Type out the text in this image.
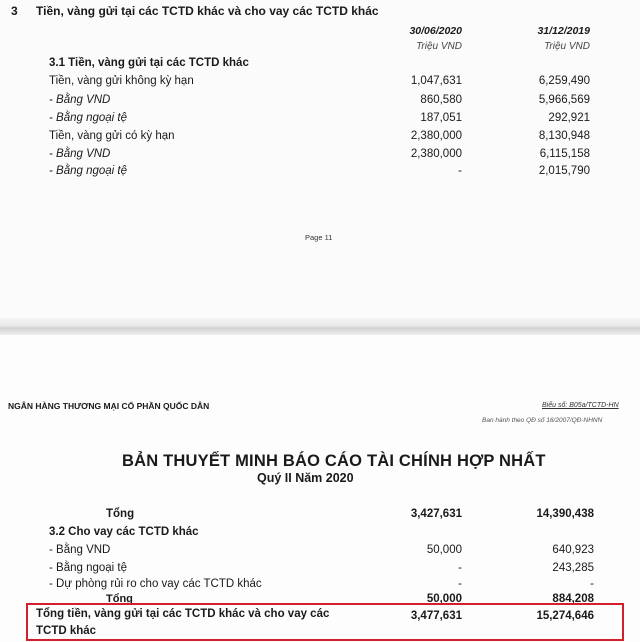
3 Tiền, vàng gửi tại các TCTD khác và cho vay các TCTD khác
30/06/2020	31/12/2019
Triệu VND	Triệu VND
3.1 Tiền, vàng gửi tại các TCTD khác
Tiền, vàng gửi không kỳ hạn	1,047,631	6,259,490
- Bằng VND	860,580	5,966,569
- Bằng ngoại tệ	187,051	292,921
Tiền, vàng gửi có kỳ hạn	2,380,000	8,130,948
- Bằng VND	2,380,000	6,115,158
- Bằng ngoại tệ	-	2,015,790
Page 11
NGÂN HÀNG THƯƠNG MẠI CỔ PHẦN QUỐC DÂN	Biểu số: B05a/TCTD-HN
Ban hành theo QĐ số 16/2007/QĐ-NHNN
BẢN THUYẾT MINH BÁO CÁO TÀI CHÍNH HỢP NHẤT
Quý II Năm 2020
Tổng	3,427,631	14,390,438
3.2 Cho vay các TCTD khác
- Bằng VND	50,000	640,923
- Bằng ngoại tệ	-	243,285
- Dự phòng rủi ro cho vay các TCTD khác	-	-
Tổng	50,000	884,208
Tổng tiền, vàng gửi tại các TCTD khác và cho vay các
TCTD khác
3,477,631	15,274,646
